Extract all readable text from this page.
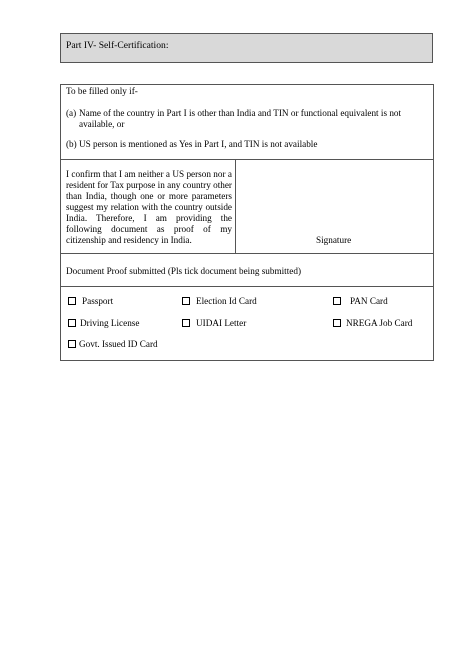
Part IV- Self-Certification:
To be filled only if-
(a) Name of the country in Part I is other than India and TIN or functional equivalent is not available, or
(b) US person is mentioned as Yes in Part I, and TIN is not available
I confirm that I am neither a US person nor a resident for Tax purpose in any country other than India, though one or more parameters suggest my relation with the country outside India. Therefore, I am providing the following document as proof of my citizenship and residency in India.	Signature
Document Proof submitted (Pls tick document being submitted)
Passport	Election Id Card	PAN Card
Driving License	UIDAI Letter	NREGA Job Card
Govt. Issued ID Card
